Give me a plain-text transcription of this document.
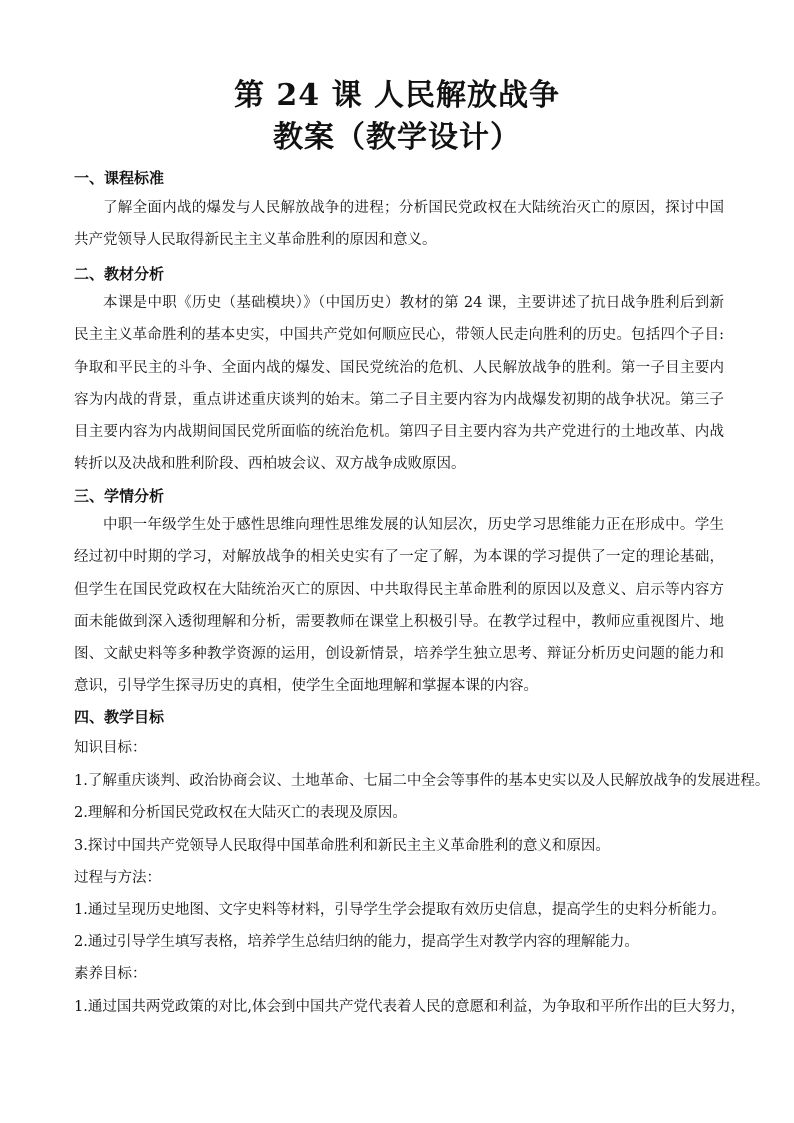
第 24 课 人民解放战争
教案（教学设计）
一、课程标准
了解全面内战的爆发与人民解放战争的进程；分析国民党政权在大陆统治灭亡的原因，探讨中国共产党领导人民取得新民主主义革命胜利的原因和意义。
二、教材分析
本课是中职《历史（基础模块）》（中国历史）教材的第 24 课，主要讲述了抗日战争胜利后到新民主主义革命胜利的基本史实，中国共产党如何顺应民心，带领人民走向胜利的历史。包括四个子目:争取和平民主的斗争、全面内战的爆发、国民党统治的危机、人民解放战争的胜利。第一子目主要内容为内战的背景，重点讲述重庆谈判的始末。第二子目主要内容为内战爆发初期的战争状况。第三子目主要内容为内战期间国民党所面临的统治危机。第四子目主要内容为共产党进行的土地改革、内战转折以及决战和胜利阶段、西柏坡会议、双方战争成败原因。
三、学情分析
中职一年级学生处于感性思维向理性思维发展的认知层次，历史学习思维能力正在形成中。学生经过初中时期的学习，对解放战争的相关史实有了一定了解，为本课的学习提供了一定的理论基础，但学生在国民党政权在大陆统治灭亡的原因、中共取得民主革命胜利的原因以及意义、启示等内容方面未能做到深入透彻理解和分析，需要教师在课堂上积极引导。在教学过程中，教师应重视图片、地图、文献史料等多种教学资源的运用，创设新情景，培养学生独立思考、辩证分析历史问题的能力和意识，引导学生探寻历史的真相，使学生全面地理解和掌握本课的内容。
四、教学目标
知识目标：
1.了解重庆谈判、政治协商会议、土地革命、七届二中全会等事件的基本史实以及人民解放战争的发展进程。
2.理解和分析国民党政权在大陆灭亡的表现及原因。
3.探讨中国共产党领导人民取得中国革命胜利和新民主主义革命胜利的意义和原因。
过程与方法：
1.通过呈现历史地图、文字史料等材料，引导学生学会提取有效历史信息，提高学生的史料分析能力。
2.通过引导学生填写表格，培养学生总结归纳的能力，提高学生对教学内容的理解能力。
素养目标：
1.通过国共两党政策的对比,体会到中国共产党代表着人民的意愿和利益，为争取和平所作出的巨大努力，
